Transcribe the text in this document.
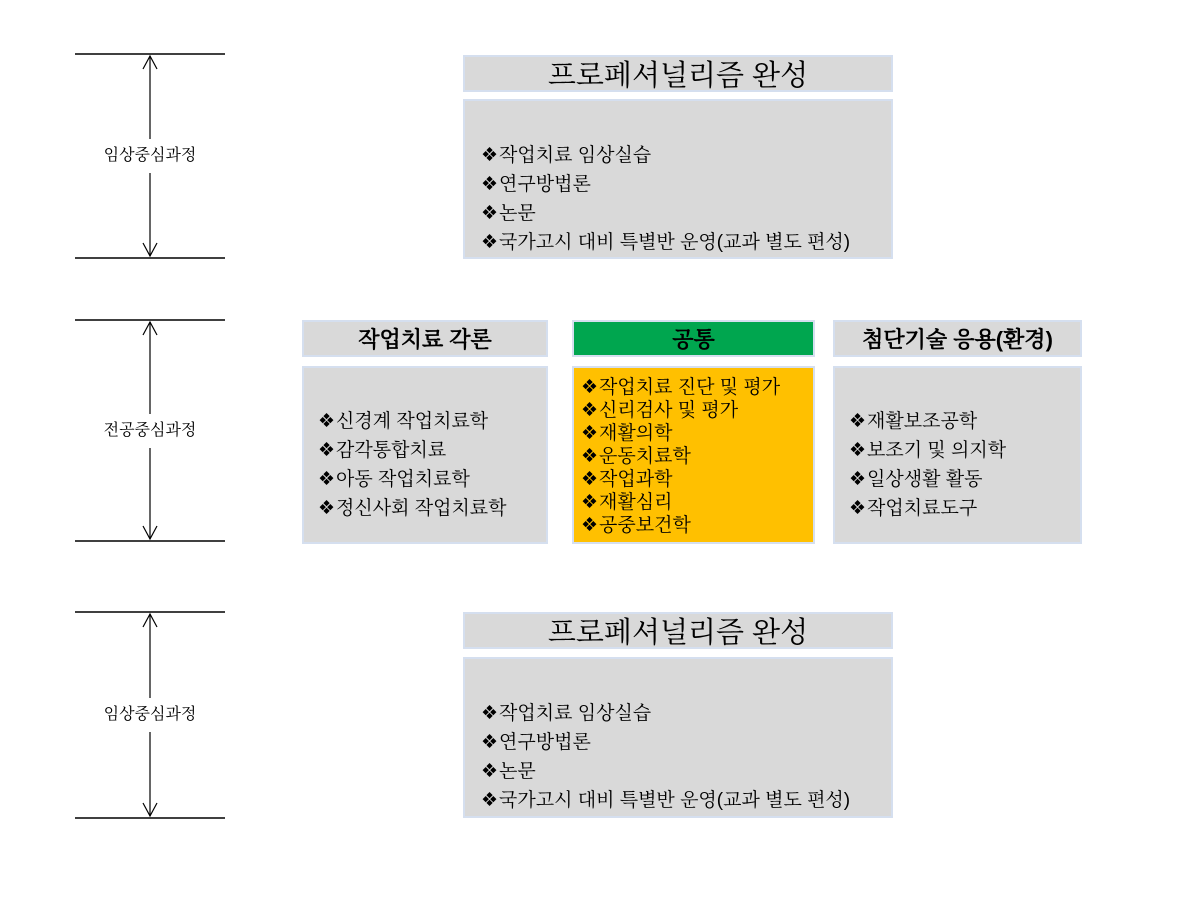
임상중심과정
전공중심과정
임상중심과정
프로페셔널리즘 완성
❖작업치료 임상실습
❖연구방법론
❖논문
❖국가고시 대비 특별반 운영(교과 별도 편성)
작업치료 각론
❖신경계 작업치료학
❖감각통합치료
❖아동 작업치료학
❖정신사회 작업치료학
공통
❖작업치료 진단 및 평가
❖신리검사 및 평가
❖재활의학
❖운동치료학
❖작업과학
❖재활심리
❖공중보건학
첨단기술 응용(환경)
❖재활보조공학
❖보조기 및 의지학
❖일상생활 활동
❖작업치료도구
프로페셔널리즘 완성
❖작업치료 임상실습
❖연구방법론
❖논문
❖국가고시 대비 특별반 운영(교과 별도 편성)
